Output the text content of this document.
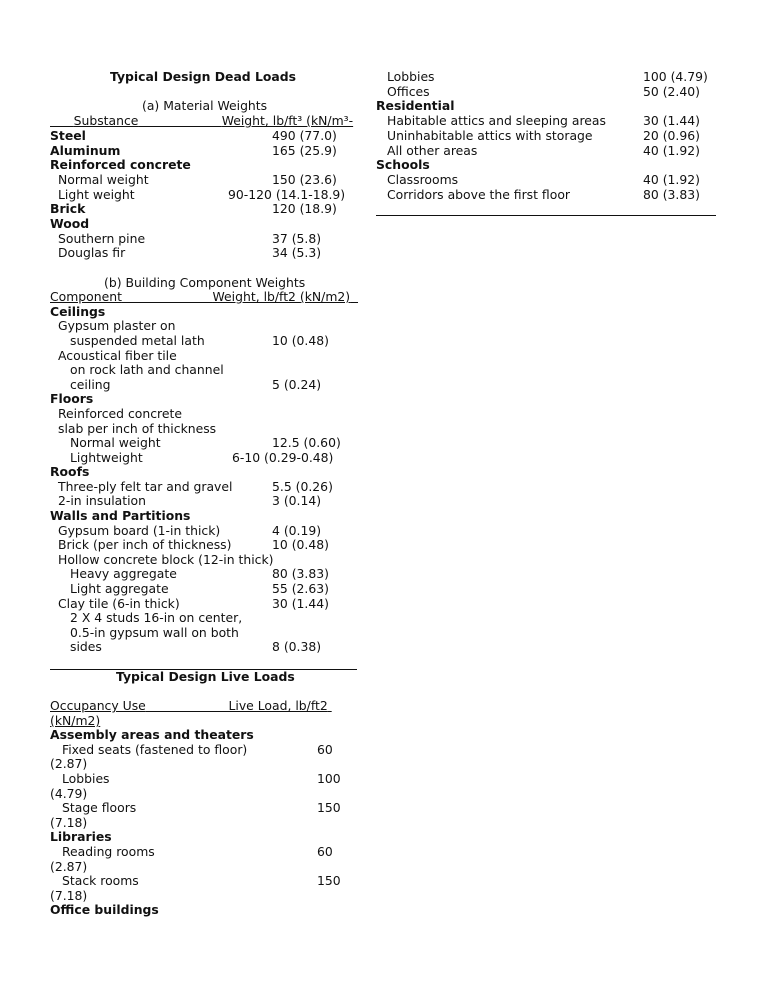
Typical Design Dead Loads
(a) Material Weights
Substance	Weight, lb/ft³ (kN/m³-
Steel	490 (77.0)
Aluminum	165 (25.9)
Reinforced concrete
Normal weight	150 (23.6)
Light weight	90-120 (14.1-18.9)
Brick	120 (18.9)
Wood
Southern pine	37 (5.8)
Douglas fir	34 (5.3)
(b) Building Component Weights
Component	Weight, lb/ft2 (kN/m2)
Ceilings
Gypsum plaster on
suspended metal lath	10 (0.48)
Acoustical fiber tile
on rock lath and channel
ceiling	5 (0.24)
Floors
Reinforced concrete
slab per inch of thickness
Normal weight	12.5 (0.60)
Lightweight	6-10 (0.29-0.48)
Roofs
Three-ply felt tar and gravel	5.5 (0.26)
2-in insulation	3 (0.14)
Walls and Partitions
Gypsum board (1-in thick)	4 (0.19)
Brick (per inch of thickness)	10 (0.48)
Hollow concrete block (12-in thick)
Heavy aggregate	80 (3.83)
Light aggregate	55 (2.63)
Clay tile (6-in thick)	30 (1.44)
2 X 4 studs 16-in on center,
0.5-in gypsum wall on both
sides	8 (0.38)
Typical Design Live Loads
Occupancy Use	Live Load, lb/ft2
(kN/m2)
Assembly areas and theaters
Fixed seats (fastened to floor)	60
(2.87)
Lobbies	100
(4.79)
Stage floors	150
(7.18)
Libraries
Reading rooms	60
(2.87)
Stack rooms	150
(7.18)
Office buildings
Lobbies	100 (4.79)
Offices	50 (2.40)
Residential
Habitable attics and sleeping areas	30 (1.44)
Uninhabitable attics with storage	20 (0.96)
All other areas	40 (1.92)
Schools
Classrooms	40 (1.92)
Corridors above the first floor	80 (3.83)
